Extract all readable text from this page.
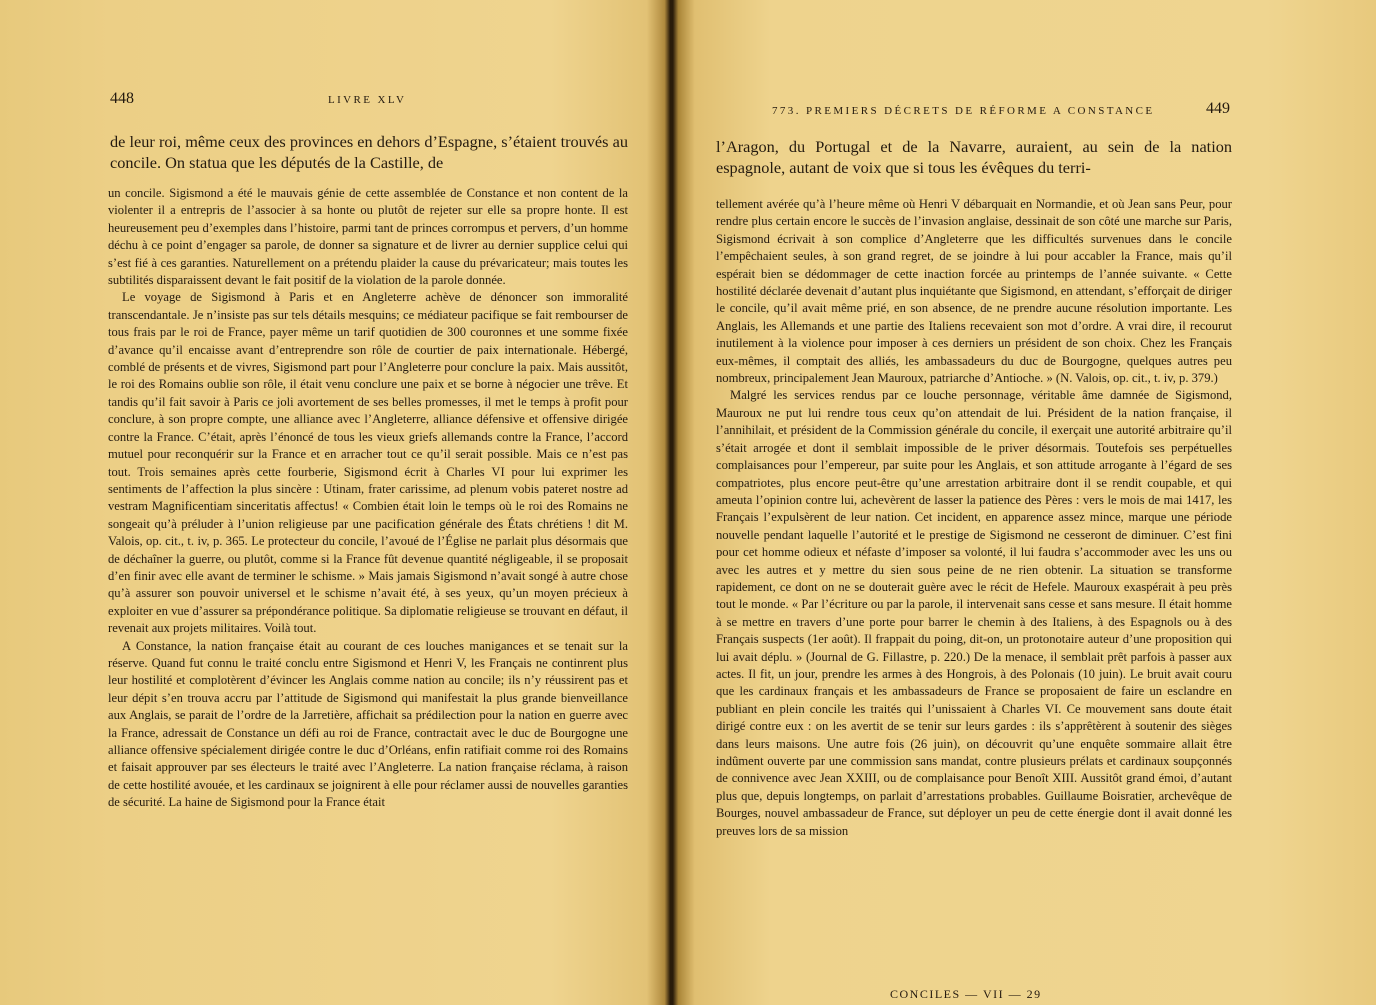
448	LIVRE XLV
de leur roi, même ceux des provinces en dehors d’Espagne, s’étaient trouvés au concile. On statua que les députés de la Castille, de

un concile. Sigismond a été le mauvais génie de cette assemblée de Constance et non content de la violenter il a entrepris de l’associer à sa honte ou plutôt de rejeter sur elle sa propre honte. Il est heureusement peu d’exemples dans l’histoire, parmi tant de princes corrompus et pervers, d’un homme déchu à ce point d’engager sa parole, de donner sa signature et de livrer au dernier supplice celui qui s’est fié à ces garanties. Naturellement on a prétendu plaider la cause du prévaricateur; mais toutes les subtilités disparaissent devant le fait positif de la violation de la parole donnée.

Le voyage de Sigismond à Paris et en Angleterre achève de dénoncer son immoralité transcendantale. Je n’insiste pas sur tels détails mesquins; ce médiateur pacifique se fait rembourser de tous frais par le roi de France, payer même un tarif quotidien de 300 couronnes et une somme fixée d’avance qu’il encaisse avant d’entreprendre son rôle de courtier de paix internationale. Hébergé, comblé de présents et de vivres, Sigismond part pour l’Angleterre pour conclure la paix. Mais aussitôt, le roi des Romains oublie son rôle, il était venu conclure une paix et se borne à négocier une trêve. Et tandis qu’il fait savoir à Paris ce joli avortement de ses belles promesses, il met le temps à profit pour conclure, à son propre compte, une alliance avec l’Angleterre, alliance défensive et offensive dirigée contre la France. C’était, après l’énoncé de tous les vieux griefs allemands contre la France, l’accord mutuel pour reconquérir sur la France et en arracher tout ce qu’il serait possible. Mais ce n’est pas tout. Trois semaines après cette fourberie, Sigismond écrit à Charles VI pour lui exprimer les sentiments de l’affection la plus sincère : Utinam, frater carissime, ad plenum vobis pateret nostre ad vestram Magnificentiam sinceritatis affectus! « Combien était loin le temps où le roi des Romains ne songeait qu’à préluder à l’union religieuse par une pacification générale des États chrétiens ! dit M. Valois, op. cit., t. iv, p. 365. Le protecteur du concile, l’avoué de l’Église ne parlait plus désormais que de déchaîner la guerre, ou plutôt, comme si la France fût devenue quantité négligeable, il se proposait d’en finir avec elle avant de terminer le schisme. » Mais jamais Sigismond n’avait songé à autre chose qu’à assurer son pouvoir universel et le schisme n’avait été, à ses yeux, qu’un moyen précieux à exploiter en vue d’assurer sa prépondérance politique. Sa diplomatie religieuse se trouvant en défaut, il revenait aux projets militaires. Voilà tout.

A Constance, la nation française était au courant de ces louches manigances et se tenait sur la réserve. Quand fut connu le traité conclu entre Sigismond et Henri V, les Français ne continrent plus leur hostilité et complotèrent d’évincer les Anglais comme nation au concile; ils n’y réussirent pas et leur dépit s’en trouva accru par l’attitude de Sigismond qui manifestait la plus grande bienveillance aux Anglais, se parait de l’ordre de la Jarretière, affichait sa prédilection pour la nation en guerre avec la France, adressait de Constance un défi au roi de France, contractait avec le duc de Bourgogne une alliance offensive spécialement dirigée contre le duc d’Orléans, enfin ratifiait comme roi des Romains et faisait approuver par ses électeurs le traité avec l’Angleterre. La nation française réclama, à raison de cette hostilité avouée, et les cardinaux se joignirent à elle pour réclamer aussi de nouvelles garanties de sécurité. La haine de Sigismond pour la France était

773. PREMIERS DÉCRETS DE RÉFORME A CONSTANCE	449
l’Aragon, du Portugal et de la Navarre, auraient, au sein de la nation espagnole, autant de voix que si tous les évêques du terri-

tellement avérée qu’à l’heure même où Henri V débarquait en Normandie, et où Jean sans Peur, pour rendre plus certain encore le succès de l’invasion anglaise, dessinait de son côté une marche sur Paris, Sigismond écrivait à son complice d’Angleterre que les difficultés survenues dans le concile l’empêchaient seules, à son grand regret, de se joindre à lui pour accabler la France, mais qu’il espérait bien se dédommager de cette inaction forcée au printemps de l’année suivante. « Cette hostilité déclarée devenait d’autant plus inquiétante que Sigismond, en attendant, s’efforçait de diriger le concile, qu’il avait même prié, en son absence, de ne prendre aucune résolution importante. Les Anglais, les Allemands et une partie des Italiens recevaient son mot d’ordre. A vrai dire, il recourut inutilement à la violence pour imposer à ces derniers un président de son choix. Chez les Français eux-mêmes, il comptait des alliés, les ambassadeurs du duc de Bourgogne, quelques autres peu nombreux, principalement Jean Mauroux, patriarche d’Antioche. » (N. Valois, op. cit., t. iv, p. 379.)

Malgré les services rendus par ce louche personnage, véritable âme damnée de Sigismond, Mauroux ne put lui rendre tous ceux qu’on attendait de lui. Président de la nation française, il l’annihilait, et président de la Commission générale du concile, il exerçait une autorité arbitraire qu’il s’était arrogée et dont il semblait impossible de le priver désormais. Toutefois ses perpétuelles complaisances pour l’empereur, par suite pour les Anglais, et son attitude arrogante à l’égard de ses compatriotes, plus encore peut-être qu’une arrestation arbitraire dont il se rendit coupable, et qui ameuta l’opinion contre lui, achevèrent de lasser la patience des Pères : vers le mois de mai 1417, les Français l’expulsèrent de leur nation. Cet incident, en apparence assez mince, marque une période nouvelle pendant laquelle l’autorité et le prestige de Sigismond ne cesseront de diminuer. C’est fini pour cet homme odieux et néfaste d’imposer sa volonté, il lui faudra s’accommoder avec les uns ou avec les autres et y mettre du sien sous peine de ne rien obtenir. La situation se transforme rapidement, ce dont on ne se douterait guère avec le récit de Hefele. Mauroux exaspérait à peu près tout le monde. « Par l’écriture ou par la parole, il intervenait sans cesse et sans mesure. Il était homme à se mettre en travers d’une porte pour barrer le chemin à des Italiens, à des Espagnols ou à des Français suspects (1er août). Il frappait du poing, dit-on, un protonotaire auteur d’une proposition qui lui avait déplu. » (Journal de G. Fillastre, p. 220.) De la menace, il semblait prêt parfois à passer aux actes. Il fit, un jour, prendre les armes à des Hongrois, à des Polonais (10 juin). Le bruit avait couru que les cardinaux français et les ambassadeurs de France se proposaient de faire un esclandre en publiant en plein concile les traités qui l’unissaient à Charles VI. Ce mouvement sans doute était dirigé contre eux : on les avertit de se tenir sur leurs gardes : ils s’apprêtèrent à soutenir des sièges dans leurs maisons. Une autre fois (26 juin), on découvrit qu’une enquête sommaire allait être indûment ouverte par une commission sans mandat, contre plusieurs prélats et cardinaux soupçonnés de connivence avec Jean XXIII, ou de complaisance pour Benoît XIII. Aussitôt grand émoi, d’autant plus que, depuis longtemps, on parlait d’arrestations probables. Guillaume Boisratier, archevêque de Bourges, nouvel ambassadeur de France, sut déployer un peu de cette énergie dont il avait donné les preuves lors de sa mission

CONCILES — VII — 29
